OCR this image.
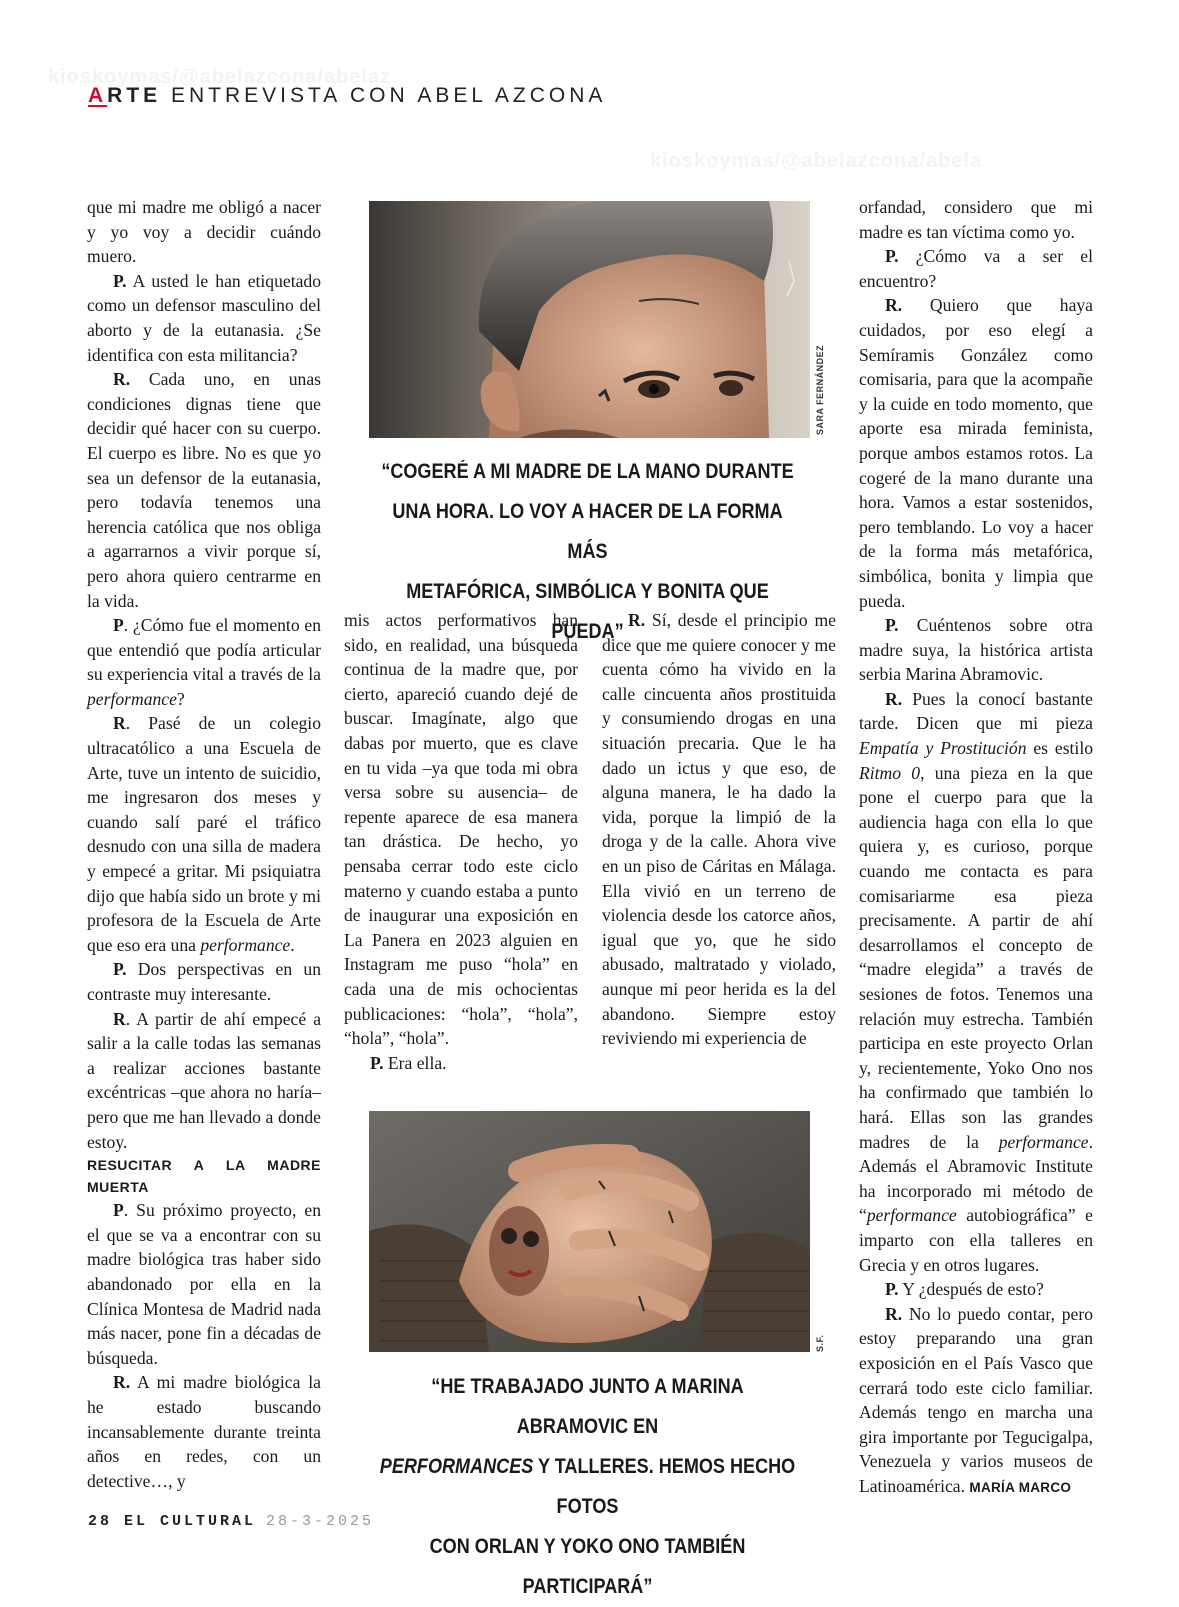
ARTE ENTREVISTA CON ABEL AZCONA
kioskoymas/@abelazcona/abelaz
kioskoymas/@abelazcona/abela

que mi madre me obligó a nacer y yo voy a decidir cuándo muero.

P. A usted le han etiquetado como un defensor masculino del aborto y de la eutanasia. ¿Se identifica con esta militancia?

R. Cada uno, en unas condiciones dignas tiene que decidir qué hacer con su cuerpo. El cuerpo es libre. No es que yo sea un defensor de la eutanasia, pero todavía tenemos una herencia católica que nos obliga a agarrarnos a vivir porque sí, pero ahora quiero centrarme en la vida.

P. ¿Cómo fue el momento en que entendió que podía articular su experiencia vital a través de la performance?

R. Pasé de un colegio ultracatólico a una Escuela de Arte, tuve un intento de suicidio, me ingresaron dos meses y cuando salí paré el tráfico desnudo con una silla de madera y empecé a gritar. Mi psiquiatra dijo que había sido un brote y mi profesora de la Escuela de Arte que eso era una performance.

P. Dos perspectivas en un contraste muy interesante.

R. A partir de ahí empecé a salir a la calle todas las semanas a realizar acciones bastante excéntricas –que ahora no haría– pero que me han llevado a donde estoy.

RESUCITAR A LA MADRE MUERTA

P. Su próximo proyecto, en el que se va a encontrar con su madre biológica tras haber sido abandonado por ella en la Clínica Montesa de Madrid nada más nacer, pone fin a décadas de búsqueda.

R. A mi madre biológica la he estado buscando incansablemente durante treinta años en redes, con un detective…, y

SARA FERNÁNDEZ
“COGERÉ A MI MADRE DE LA MANO DURANTE
UNA HORA. LO VOY A HACER DE LA FORMA MÁS
METAFÓRICA, SIMBÓLICA Y BONITA QUE PUEDA”

mis actos performativos han sido, en realidad, una búsqueda continua de la madre que, por cierto, apareció cuando dejé de buscar. Imagínate, algo que dabas por muerto, que es clave en tu vida –ya que toda mi obra versa sobre su ausencia– de repente aparece de esa manera tan drástica. De hecho, yo pensaba cerrar todo este ciclo materno y cuando estaba a punto de inaugurar una exposición en La Panera en 2023 alguien en Instagram me puso “hola” en cada una de mis ochocientas publicaciones: “hola”, “hola”, “hola”, “hola”.

P. Era ella.

R. Sí, desde el principio me dice que me quiere conocer y me cuenta cómo ha vivido en la calle cincuenta años prostituida y consumiendo drogas en una situación precaria. Que le ha dado un ictus y que eso, de alguna manera, le ha dado la vida, porque la limpió de la droga y de la calle. Ahora vive en un piso de Cáritas en Málaga. Ella vivió en un terreno de violencia desde los catorce años, igual que yo, que he sido abusado, maltratado y violado, aunque mi peor herida es la del abandono. Siempre estoy reviviendo mi experiencia de

S.F.
“HE TRABAJADO JUNTO A MARINA ABRAMOVIC EN
PERFORMANCES Y TALLERES. HEMOS HECHO FOTOS
CON ORLAN Y YOKO ONO TAMBIÉN PARTICIPARÁ”

orfandad, considero que mi madre es tan víctima como yo.

P. ¿Cómo va a ser el encuentro?

R. Quiero que haya cuidados, por eso elegí a Semíramis González como comisaria, para que la acompañe y la cuide en todo momento, que aporte esa mirada feminista, porque ambos estamos rotos. La cogeré de la mano durante una hora. Vamos a estar sostenidos, pero temblando. Lo voy a hacer de la forma más metafórica, simbólica, bonita y limpia que pueda.

P. Cuéntenos sobre otra madre suya, la histórica artista serbia Marina Abramovic.

R. Pues la conocí bastante tarde. Dicen que mi pieza Empatía y Prostitución es estilo Ritmo 0, una pieza en la que pone el cuerpo para que la audiencia haga con ella lo que quiera y, es curioso, porque cuando me contacta es para comisariarme esa pieza precisamente. A partir de ahí desarrollamos el concepto de “madre elegida” a través de sesiones de fotos. Tenemos una relación muy estrecha. También participa en este proyecto Orlan y, recientemente, Yoko Ono nos ha confirmado que también lo hará. Ellas son las grandes madres de la performance. Además el Abramovic Institute ha incorporado mi método de “performance autobiográfica” e imparto con ella talleres en Grecia y en otros lugares.

P. Y ¿después de esto?

R. No lo puedo contar, pero estoy preparando una gran exposición en el País Vasco que cerrará todo este ciclo familiar. Además tengo en marcha una gira importante por Tegucigalpa, Venezuela y varios museos de Latinoamérica. MARÍA MARCO

28 EL CULTURAL 28-3-2025
